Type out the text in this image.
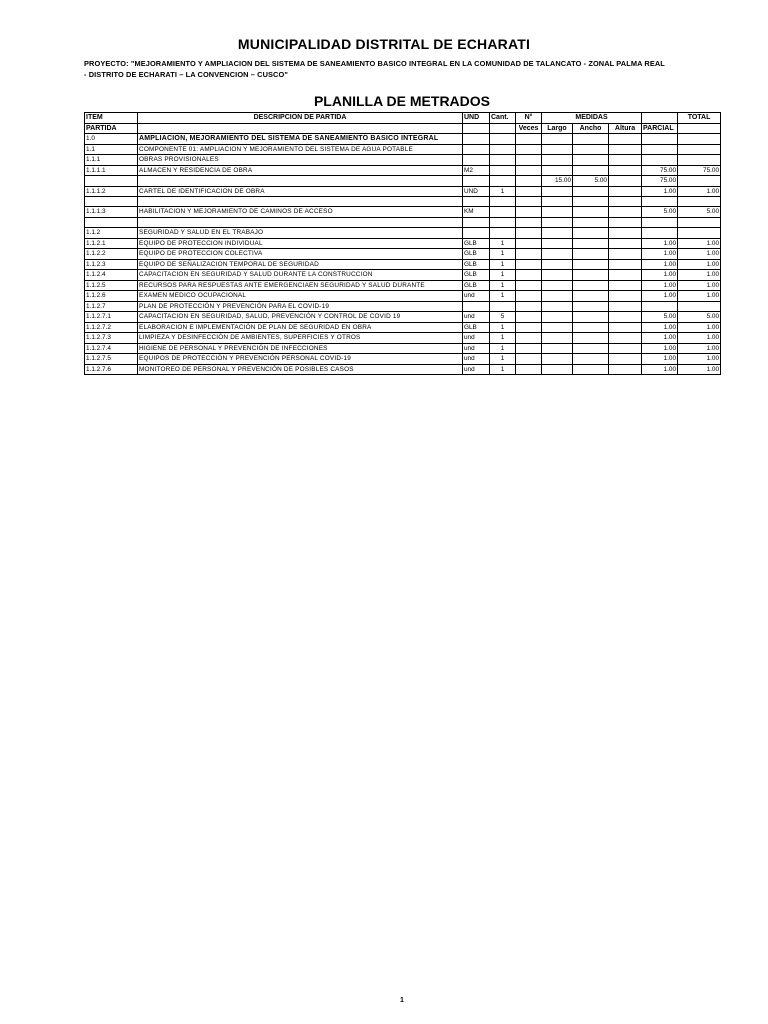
MUNICIPALIDAD DISTRITAL DE ECHARATI
PROYECTO: "MEJORAMIENTO Y AMPLIACION DEL SISTEMA DE SANEAMIENTO BASICO INTEGRAL EN LA COMUNIDAD DE TALANCATO - ZONAL PALMA REAL
- DISTRITO DE ECHARATI – LA CONVENCION – CUSCO"
PLANILLA DE METRADOS
ITEM	DESCRIPCION DE PARTIDA	UND	Cant.	N°	MEDIDAS				TOTAL
PARTIDA				Veces	Largo	Ancho	Altura	PARCIAL	
1.0	AMPLIACION, MEJORAMIENTO DEL SISTEMA DE SANEAMIENTO BASICO INTEGRAL								
1.1	COMPONENTE 01: AMPLIACION Y MEJORAMIENTO DEL SISTEMA DE AGUA POTABLE								
1.1.1	OBRAS PROVISIONALES								
1.1.1.1	ALMACEN Y RESIDENCIA DE OBRA	M2						75.00	75.00
					15.00	5.00		75.00	
1.1.1.2	CARTEL DE IDENTIFICACION DE OBRA	UND	1					1.00	1.00

1.1.1.3	HABILITACION Y MEJORAMIENTO DE CAMINOS DE ACCESO	KM						5.00	5.00

1.1.2	SEGURIDAD Y SALUD EN EL TRABAJO								
1.1.2.1	EQUIPO DE PROTECCION INDIVIDUAL	GLB	1					1.00	1.00
1.1.2.2	EQUIPO DE PROTECCION COLECTIVA	GLB	1					1.00	1.00
1.1.2.3	EQUIPO DE SEÑALIZACION TEMPORAL DE SEGURIDAD	GLB	1					1.00	1.00
1.1.2.4	CAPACITACION EN SEGURIDAD Y SALUD DURANTE LA CONSTRUCCION	GLB	1					1.00	1.00
1.1.2.5	RECURSOS PARA RESPUESTAS ANTE EMERGENCIAEN SEGURIDAD Y SALUD DURANTE	GLB	1					1.00	1.00
1.1.2.6	EXAMEN MEDICO OCUPACIONAL	und	1					1.00	1.00
1.1.2.7	PLAN DE PROTECCIÓN Y PREVENCIÓN PARA EL COVID-19								
1.1.2.7.1	CAPACITACION EN SEGURIDAD, SALUD, PREVENCIÓN Y CONTROL DE COVID 19	und	5					5.00	5.00
1.1.2.7.2	ELABORACION E IMPLEMENTACIÓN DE PLAN DE SEGURIDAD EN OBRA	GLB	1					1.00	1.00
1.1.2.7.3	LIMPIEZA Y DESINFECCIÓN DE AMBIENTES, SUPERFICIES Y OTROS	und	1					1.00	1.00
1.1.2.7.4	HIGIENE DE PERSONAL Y PREVENCIÓN DE INFECCIONES	und	1					1.00	1.00
1.1.2.7.5	EQUIPOS DE PROTECCIÓN Y PREVENCIÓN PERSONAL COVID-19	und	1					1.00	1.00
1.1.2.7.6	MONITOREO DE PERSONAL Y PREVENCIÓN DE POSIBLES CASOS	und	1					1.00	1.00
1
